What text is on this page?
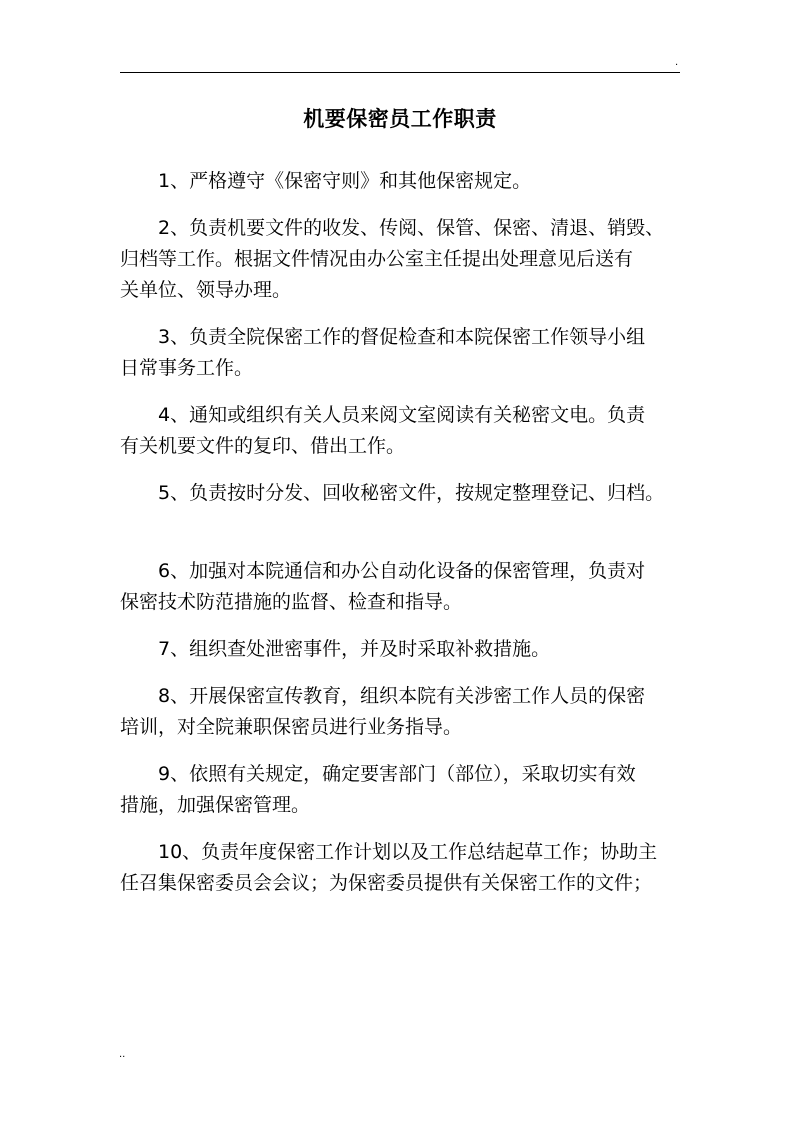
.
机要保密员工作职责

1、严格遵守《保密守则》和其他保密规定。

2、负责机要文件的收发、传阅、保管、保密、清退、销毁、
归档等工作。根据文件情况由办公室主任提出处理意见后送有
关单位、领导办理。

3、负责全院保密工作的督促检查和本院保密工作领导小组
日常事务工作。

4、通知或组织有关人员来阅文室阅读有关秘密文电。负责
有关机要文件的复印、借出工作。

5、负责按时分发、回收秘密文件，按规定整理登记、归档。

6、加强对本院通信和办公自动化设备的保密管理，负责对
保密技术防范措施的监督、检查和指导。

7、组织查处泄密事件，并及时采取补救措施。

8、开展保密宣传教育，组织本院有关涉密工作人员的保密
培训，对全院兼职保密员进行业务指导。

9、依照有关规定，确定要害部门（部位），采取切实有效
措施，加强保密管理。

10、负责年度保密工作计划以及工作总结起草工作；协助主
任召集保密委员会会议；为保密委员提供有关保密工作的文件；

..
